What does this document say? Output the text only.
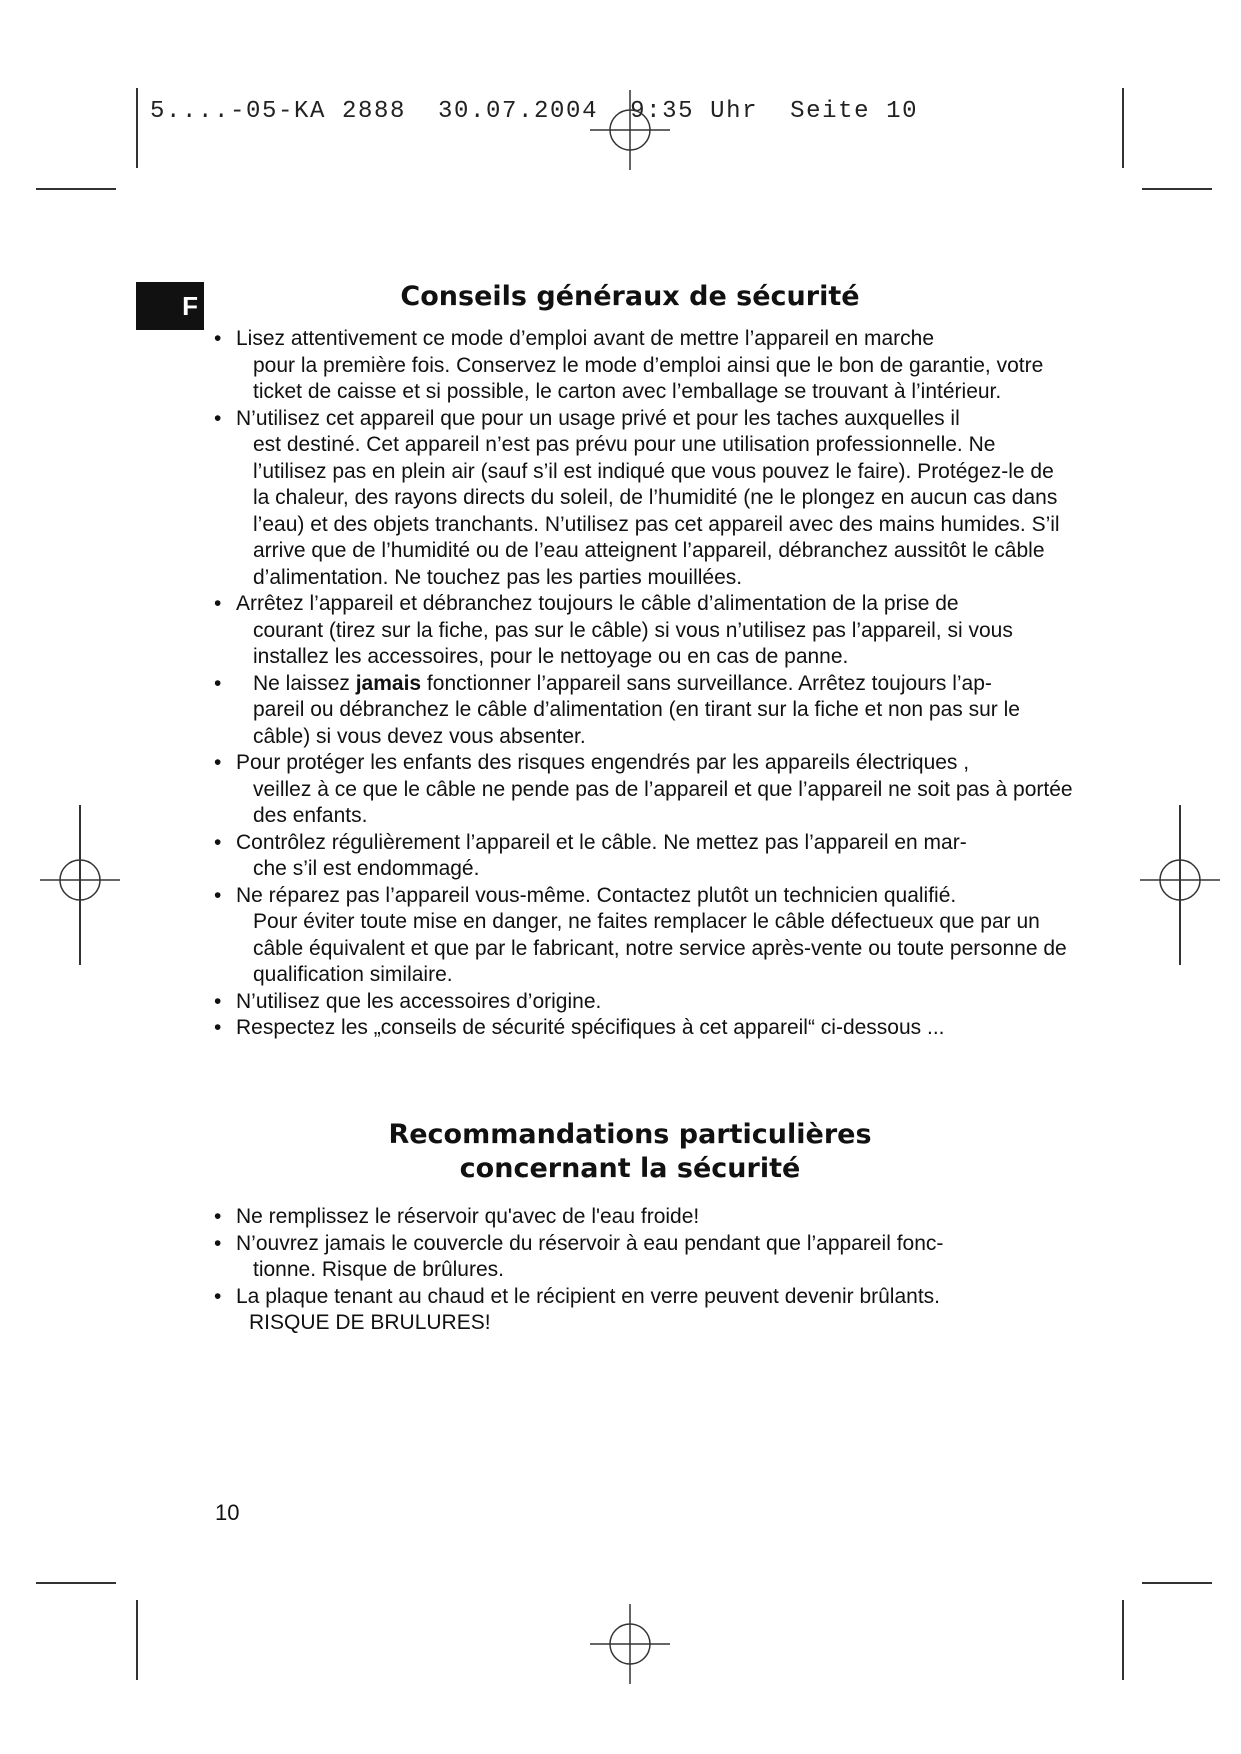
5....-05-KA 2888  30.07.2004  9:35 Uhr  Seite 10
F	Conseils généraux de sécurité
• Lisez attentivement ce mode d’emploi avant de mettre l’appareil en marche
pour la première fois. Conservez le mode d’emploi ainsi que le bon de garantie, votre ticket de caisse et si possible, le carton avec l’emballage se trouvant à l’intérieur.
• N’utilisez cet appareil que pour un usage privé et pour les taches auxquelles il
est destiné. Cet appareil n’est pas prévu pour une utilisation professionnelle. Ne l’utilisez pas en plein air (sauf s’il est indiqué que vous pouvez le faire). Protégez-le de la chaleur, des rayons directs du soleil, de l’humidité (ne le plongez en aucun cas dans l’eau) et des objets tranchants. N’utilisez pas cet appareil avec des mains humides. S’il arrive que de l’humidité ou de l’eau atteignent l’appareil, débranchez aussitôt le câble d’alimentation. Ne touchez pas les parties mouillées.
• Arrêtez l’appareil et débranchez toujours le câble d’alimentation de la prise de
courant (tirez sur la fiche, pas sur le câble) si vous n’utilisez pas l’appareil, si vous installez les accessoires, pour le nettoyage ou en cas de panne.
• Ne laissez jamais fonctionner l’appareil sans surveillance. Arrêtez toujours l’ap-
pareil ou débranchez le câble d’alimentation (en tirant sur la fiche et non pas sur le câble) si vous devez vous absenter.
• Pour protéger les enfants des risques engendrés par les appareils électriques ,
veillez à ce que le câble ne pende pas de l’appareil et que l’appareil ne soit pas à portée des enfants.
• Contrôlez régulièrement l’appareil et le câble. Ne mettez pas l’appareil en mar-
che s’il est endommagé.
• Ne réparez pas l’appareil vous-même. Contactez plutôt un technicien qualifié.
Pour éviter toute mise en danger, ne faites remplacer le câble défectueux que par un câble équivalent et que par le fabricant, notre service après-vente ou toute personne de qualification similaire.
• N’utilisez que les accessoires d’origine.
• Respectez les „conseils de sécurité spécifiques à cet appareil“ ci-dessous ...
Recommandations particulières
concernant la sécurité
• Ne remplissez le réservoir qu'avec de l'eau froide!
• N’ouvrez jamais le couvercle du réservoir à eau pendant que l’appareil fonc-
tionne. Risque de brûlures.
• La plaque tenant au chaud et le récipient en verre peuvent devenir brûlants.
RISQUE DE BRULURES!
10
